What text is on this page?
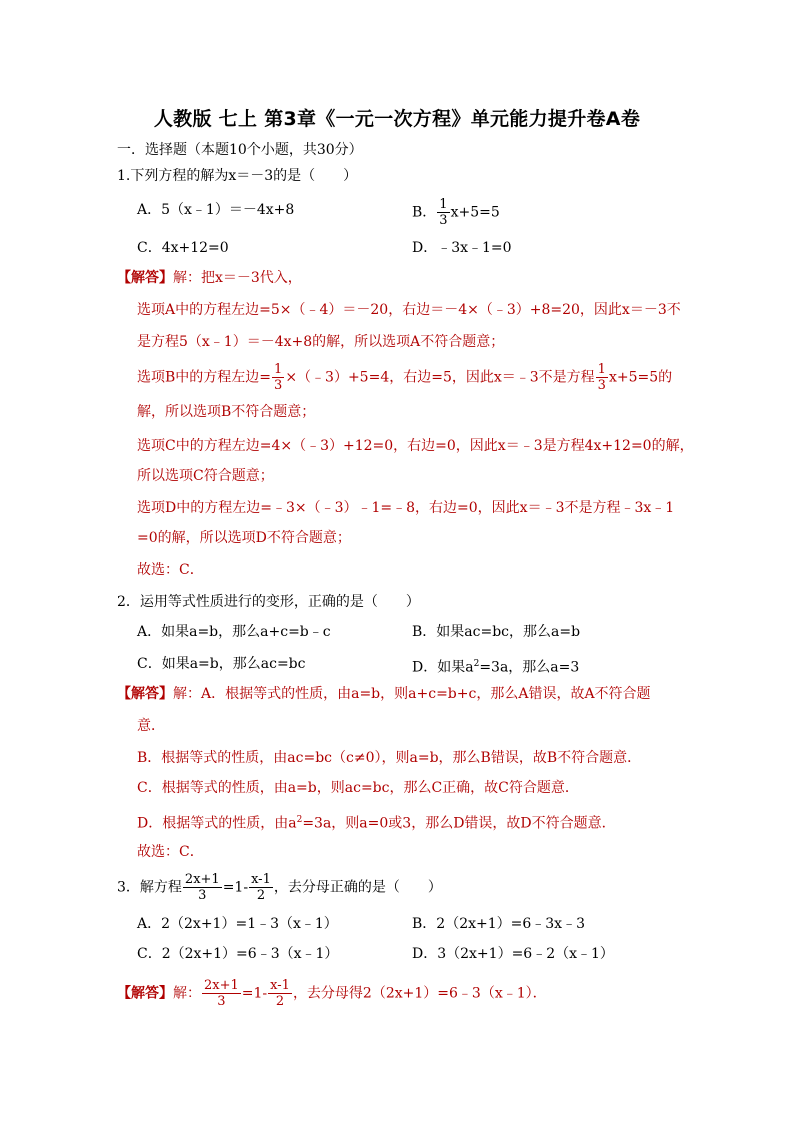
人教版 七上 第3章《一元一次方程》单元能力提升卷A卷
一．选择题（本题10个小题，共30分）
1.下列方程的解为x＝－3的是（　　）
A．5（x﹣1）＝－4x+8	B． $\frac{1}{3} x+5=5$
C．4x+12=0	D．﹣3x﹣1=0
【解答】解：把x＝－3代入，
选项A中的方程左边=5×（﹣4）＝－20，右边＝－4×（﹣3）+8=20，因此x＝－3不
是方程5（x﹣1）＝－4x+8的解，所以选项A不符合题意；
选项B中的方程左边= $\frac{1}{3}$ ×（﹣3）+5=4，右边=5，因此x＝﹣3不是方程 $\frac{1}{3} x+5=5$的
解，所以选项B不符合题意；
选项C中的方程左边=4×（﹣3）+12=0，右边=0，因此x＝﹣3是方程4x+12=0的解，
所以选项C符合题意；
选项D中的方程左边=﹣3×（﹣3）﹣1=﹣8，右边=0，因此x＝﹣3不是方程﹣3x﹣1
=0的解，所以选项D不符合题意；
故选：C．
2．运用等式性质进行的变形，正确的是（　　）
A．如果a=b，那么a+c=b﹣c	B．如果ac=bc，那么a=b
C．如果a=b，那么ac=bc	D．如果$a^2=3a$，那么a=3
【解答】解：A．根据等式的性质，由a=b，则a+c=b+c，那么A错误，故A不符合题
意．
B．根据等式的性质，由ac=bc（c≠0），则a=b，那么B错误，故B不符合题意．
C．根据等式的性质，由a=b，则ac=bc，那么C正确，故C符合题意．
D．根据等式的性质，由$a^2=3a$，则a=0或3，那么D错误，故D不符合题意．
故选：C．
3．解方程 $\frac{2x+1}{3} =1- \frac{x-1}{2}$ ，去分母正确的是（　　）
A．2（2x+1）=1﹣3（x﹣1）	B．2（2x+1）=6﹣3x﹣3
C．2（2x+1）=6﹣3（x﹣1）	D．3（2x+1）=6﹣2（x﹣1）
【解答】解： $\frac{2x+1}{3} =1- \frac{x-1}{2}$ ，去分母得2（2x+1）=6﹣3（x﹣1）．
